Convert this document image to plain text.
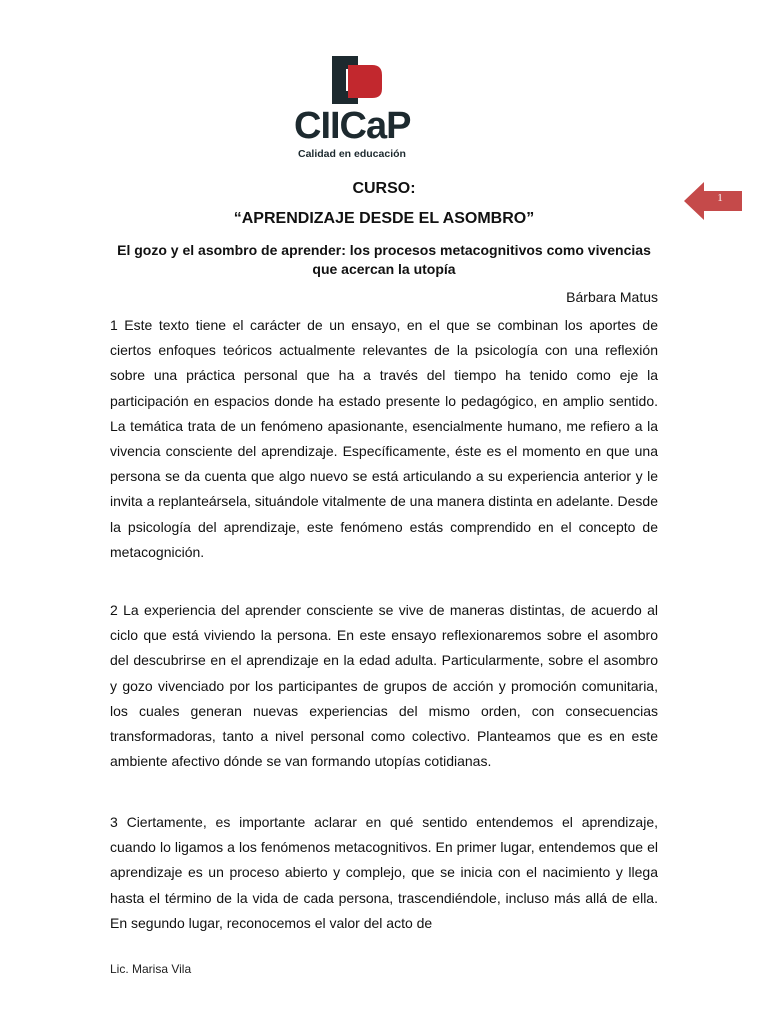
CIICaP
Calidad en educación
1
CURSO:
“APRENDIZAJE DESDE EL ASOMBRO”
El gozo y el asombro de aprender: los procesos metacognitivos como vivencias que acercan la utopía
Bárbara Matus

1 Este texto tiene el carácter de un ensayo, en el que se combinan los aportes de ciertos enfoques teóricos actualmente relevantes de la psicología con una reflexión sobre una práctica personal que ha a través del tiempo ha tenido como eje la participación en espacios donde ha estado presente lo pedagógico, en amplio sentido. La temática trata de un fenómeno apasionante, esencialmente humano, me refiero a la vivencia consciente del aprendizaje. Específicamente, éste es el momento en que una persona se da cuenta que algo nuevo se está articulando a su experiencia anterior y le invita a replanteársela, situándole vitalmente de una manera distinta en adelante. Desde la psicología del aprendizaje, este fenómeno estás comprendido en el concepto de metacognición.

2 La experiencia del aprender consciente se vive de maneras distintas, de acuerdo al ciclo que está viviendo la persona. En este ensayo reflexionaremos sobre el asombro del descubrirse en el aprendizaje en la edad adulta. Particularmente, sobre el asombro y gozo vivenciado por los participantes de grupos de acción y promoción comunitaria, los cuales generan nuevas experiencias del mismo orden, con consecuencias transformadoras, tanto a nivel personal como colectivo. Planteamos que es en este ambiente afectivo dónde se van formando utopías cotidianas.

3 Ciertamente, es importante aclarar en qué sentido entendemos el aprendizaje, cuando lo ligamos a los fenómenos metacognitivos. En primer lugar, entendemos que el aprendizaje es un proceso abierto y complejo, que se inicia con el nacimiento y llega hasta el término de la vida de cada persona, trascendiéndole, incluso más allá de ella. En segundo lugar, reconocemos el valor del acto de

Lic. Marisa Vila
